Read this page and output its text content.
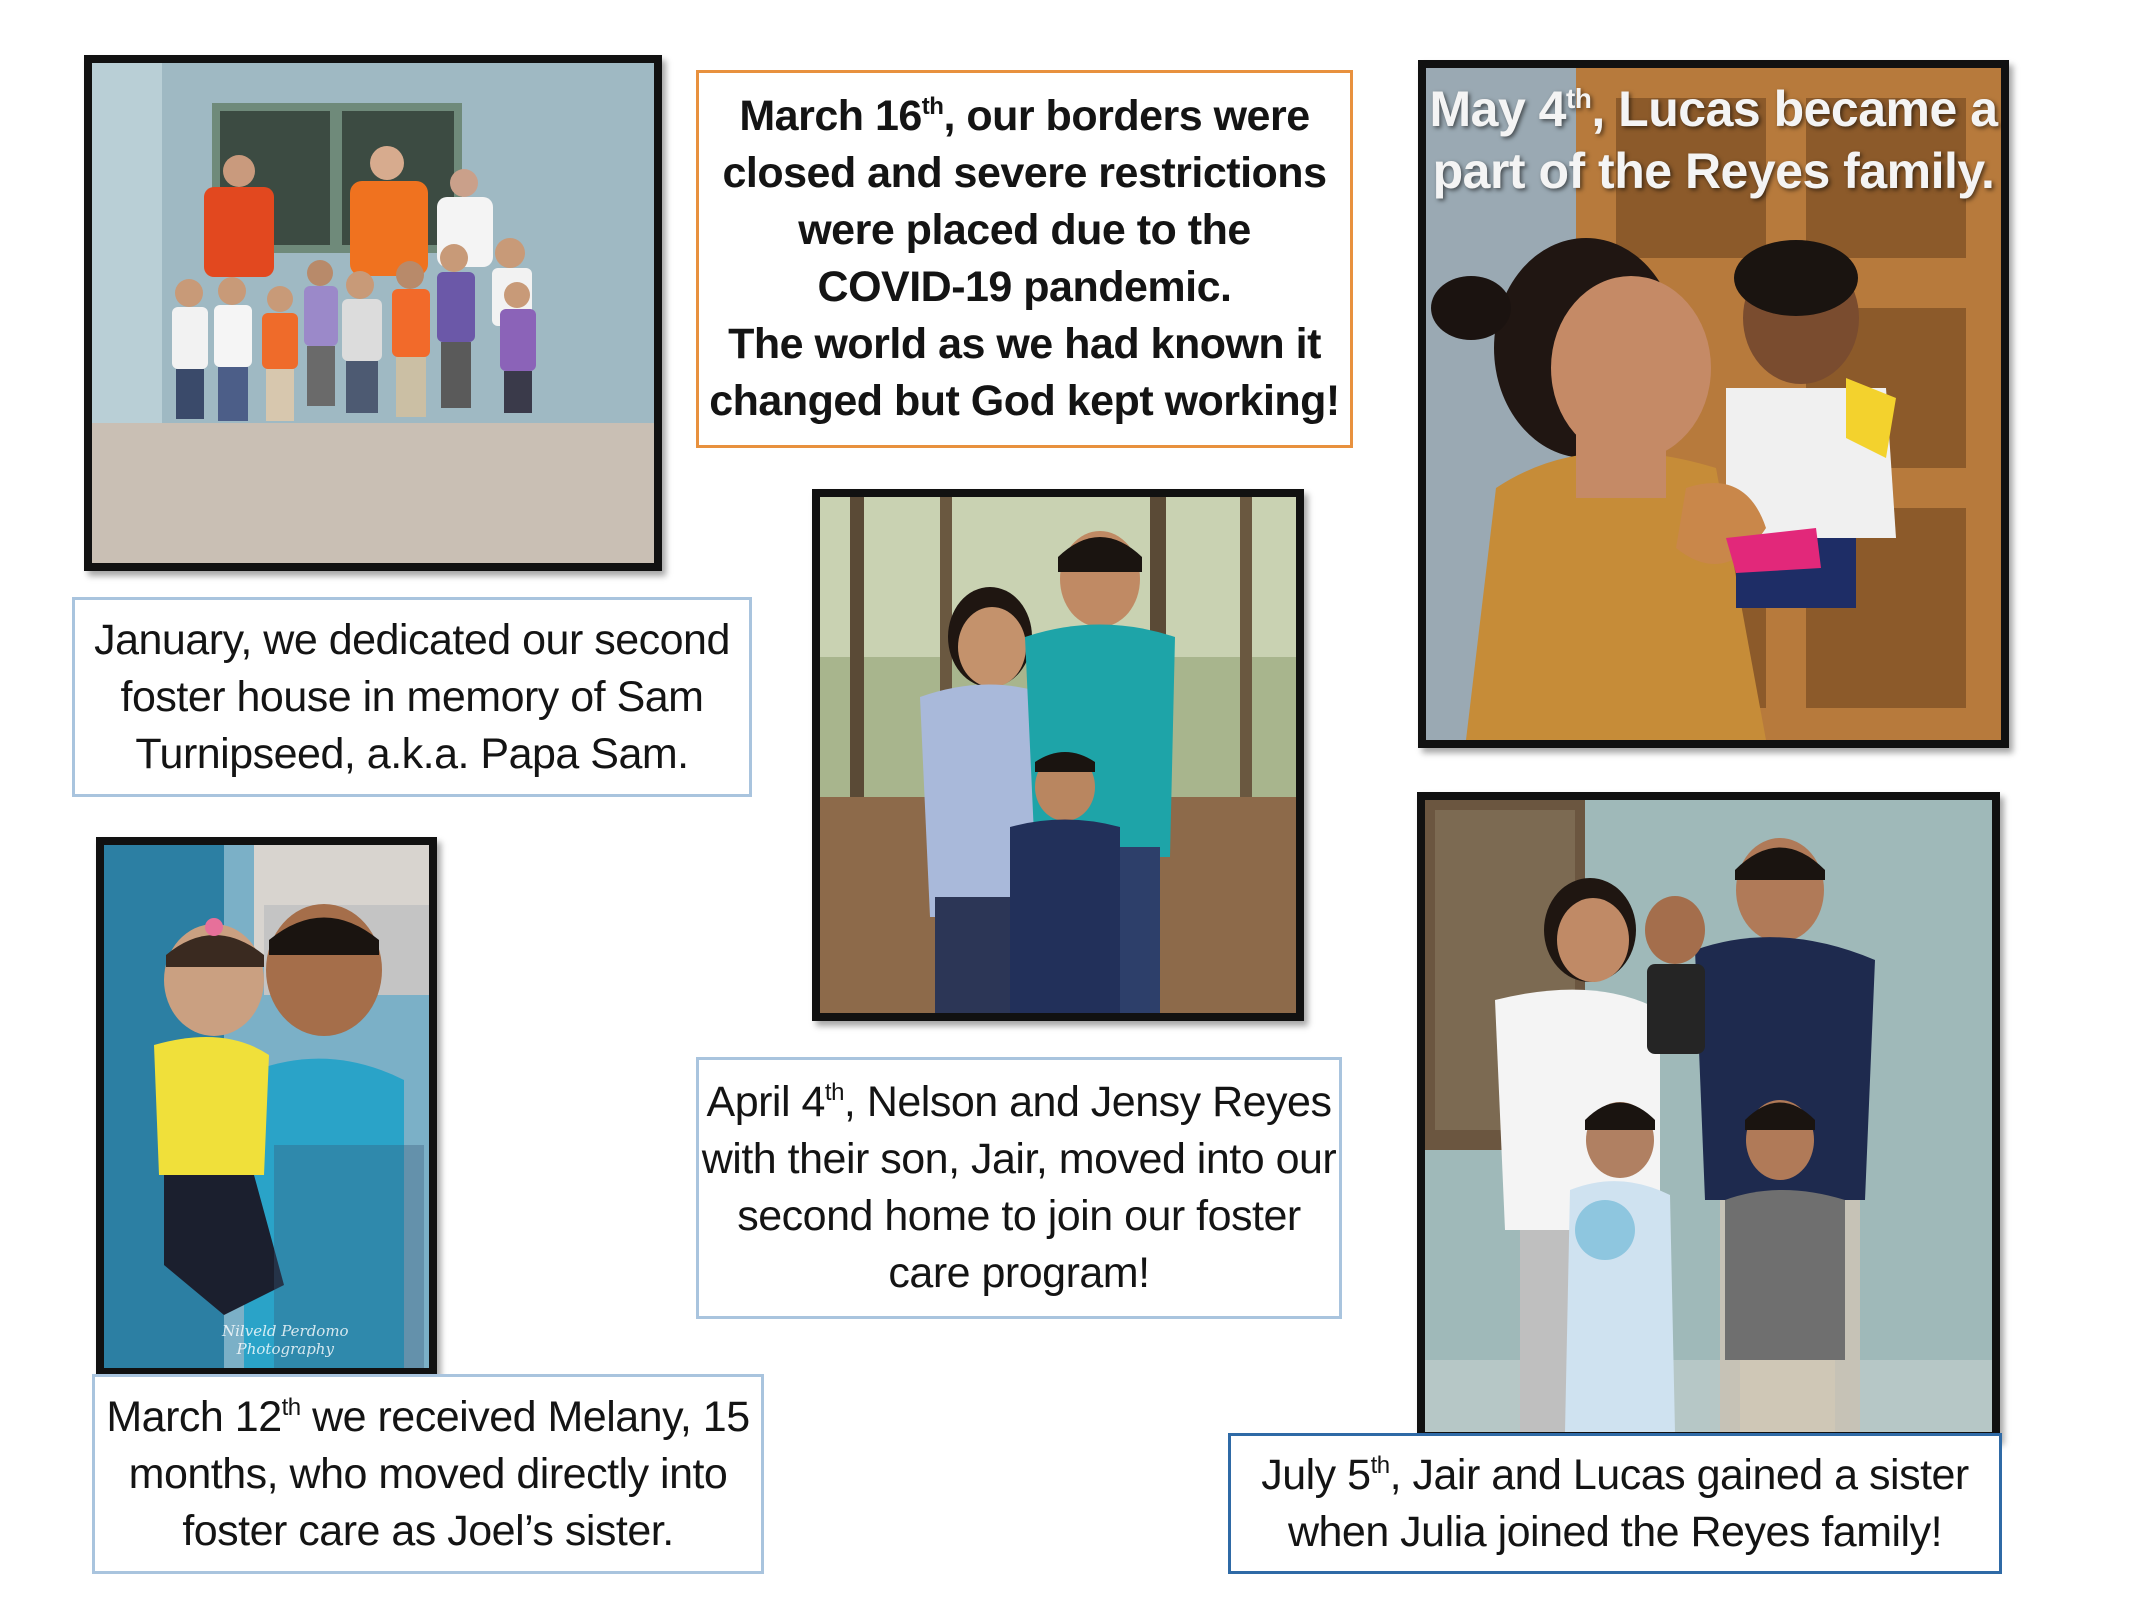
March 16th, our borders were
closed and severe restrictions
were placed due to the
COVID-19 pandemic.
The world as we had known it
changed but God kept working!
May 4th, Lucas became a
part of the Reyes family.
January, we dedicated our second
foster house in memory of Sam
Turnipseed, a.k.a. Papa Sam.
Nilveld Perdomo
Photography
April 4th, Nelson and Jensy Reyes
with their son, Jair, moved into our
second home to join our foster
care program!
March 12th we received Melany, 15
months, who moved directly into
foster care as Joel’s sister.
July 5th, Jair and Lucas gained a sister
when Julia joined the Reyes family!
